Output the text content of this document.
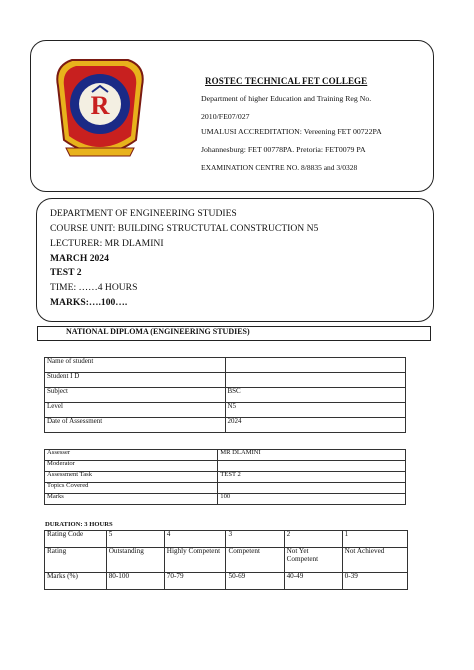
R
ROSTEC TECHNICAL FET COLLEGE
Department of higher Education and Training Reg No.
2010/FE07/027
UMALUSI ACCREDITATION: Vereening FET 00722PA
Johannesburg: FET 00778PA. Pretoria: FET0079 PA
EXAMINATION CENTRE NO. 8/8835 and 3/0328
DEPARTMENT OF ENGINEERING STUDIES
COURSE UNIT: BUILDING STRUCTUTAL CONSTRUCTION N5
LECTURER: MR DLAMINI
MARCH 2024
TEST 2
TIME: ……4 HOURS
MARKS:….100….
NATIONAL DIPLOMA (ENGINEERING STUDIES)
Name of student	
Student I D	
Subject	BSC
Level	N5
Date of Assessment	2024
Assesser	MR DLAMINI
Moderator	
Assessment Task	TEST 2
Topics Covered	
Marks	100
DURATION: 3 HOURS
Rating Code	5	4	3	2	1
Rating	Outstanding	Highly Competent	Competent	Not Yet Competent	Not Achieved
Marks (%)	80-100	70-79	50-69	40-49	0-39
